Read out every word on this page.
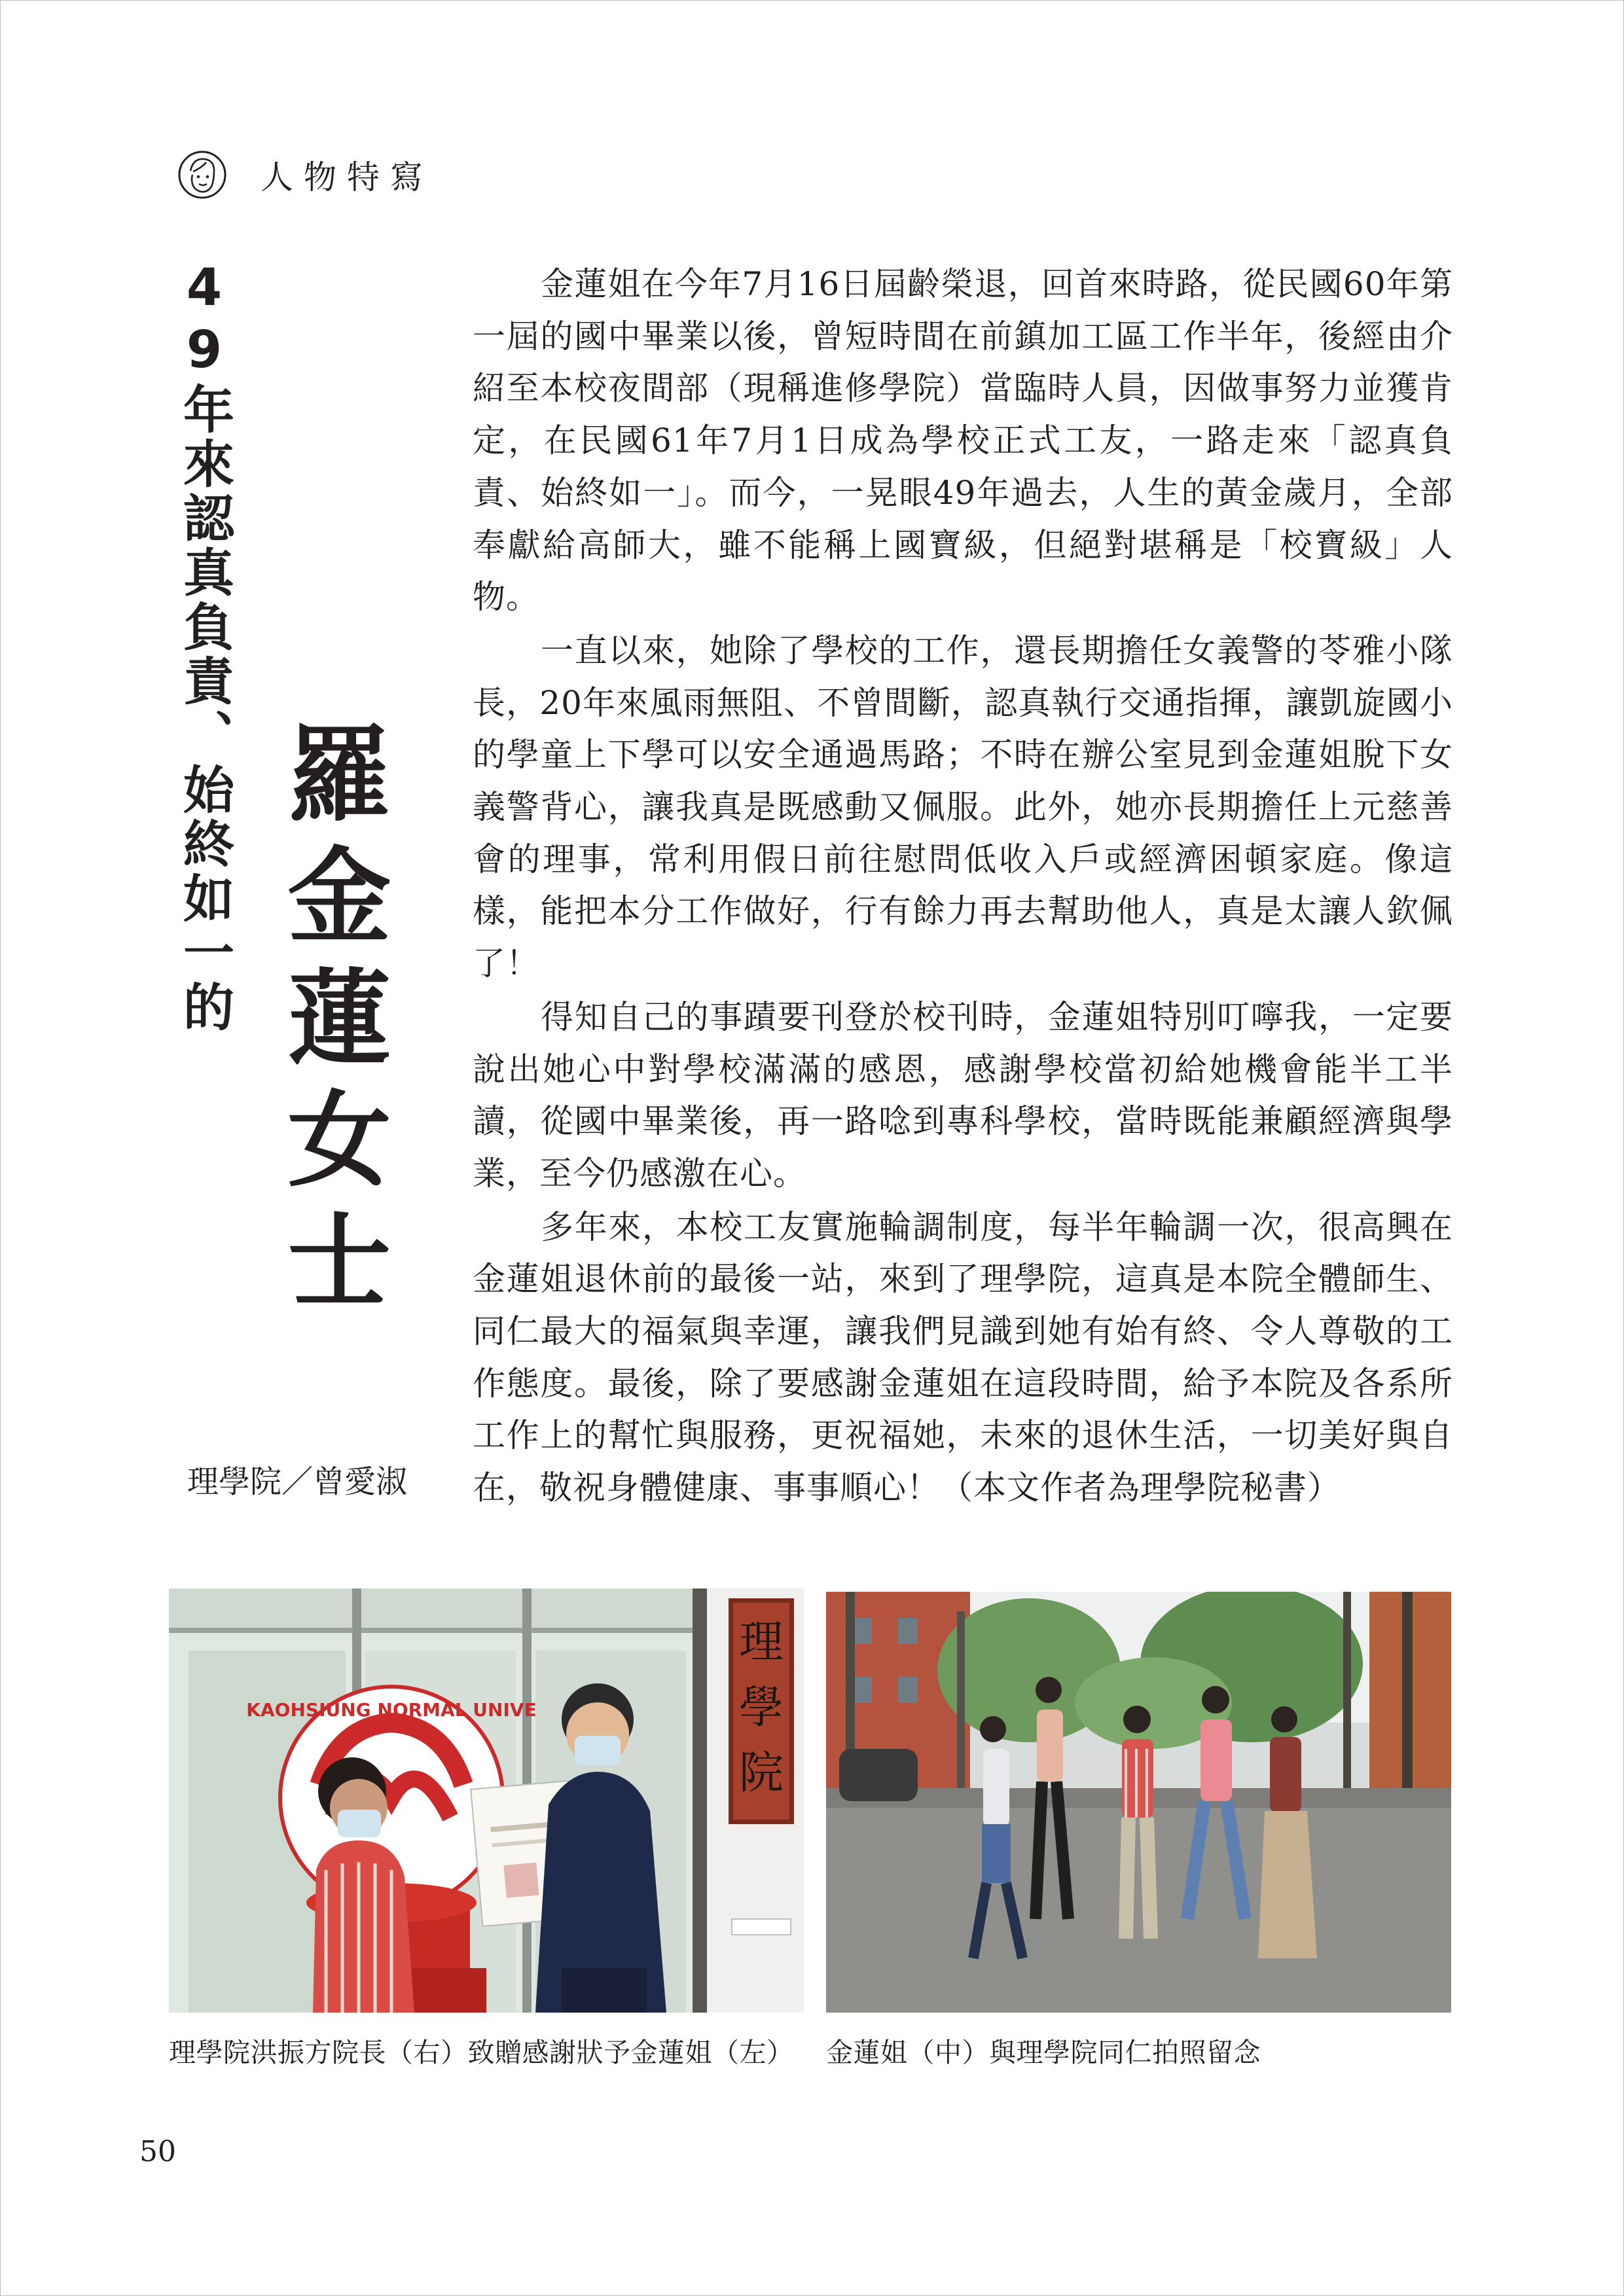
人物特寫
49年來認真負責、始終如一的 羅金蓮女士
理學院／曾愛淑

金蓮姐在今年7月16日屆齡榮退，回首來時路，從民國60年第一屆的國中畢業以後，曾短時間在前鎮加工區工作半年，後經由介紹至本校夜間部（現稱進修學院）當臨時人員，因做事努力並獲肯定，在民國61年7月1日成為學校正式工友，一路走來「認真負責、始終如一」。而今，一晃眼49年過去，人生的黃金歲月，全部奉獻給高師大，雖不能稱上國寶級，但絕對堪稱是「校寶級」人物。

一直以來，她除了學校的工作，還長期擔任女義警的苓雅小隊長，20年來風雨無阻、不曾間斷，認真執行交通指揮，讓凱旋國小的學童上下學可以安全通過馬路；不時在辦公室見到金蓮姐脫下女義警背心，讓我真是既感動又佩服。此外，她亦長期擔任上元慈善會的理事，常利用假日前往慰問低收入戶或經濟困頓家庭。像這樣，能把本分工作做好，行有餘力再去幫助他人，真是太讓人欽佩了！

得知自己的事蹟要刊登於校刊時，金蓮姐特別叮嚀我，一定要說出她心中對學校滿滿的感恩，感謝學校當初給她機會能半工半讀，從國中畢業後，再一路唸到專科學校，當時既能兼顧經濟與學業，至今仍感激在心。

多年來，本校工友實施輪調制度，每半年輪調一次，很高興在金蓮姐退休前的最後一站，來到了理學院，這真是本院全體師生、同仁最大的福氣與幸運，讓我們見識到她有始有終、令人尊敬的工作態度。最後，除了要感謝金蓮姐在這段時間，給予本院及各系所工作上的幫忙與服務，更祝福她，未來的退休生活，一切美好與自在，敬祝身體健康、事事順心！（本文作者為理學院秘書）

理學院
KAOHSIUNG NORMAL UNIVE
理學院洪振方院長（右）致贈感謝狀予金蓮姐（左） 金蓮姐（中）與理學院同仁拍照留念
50
